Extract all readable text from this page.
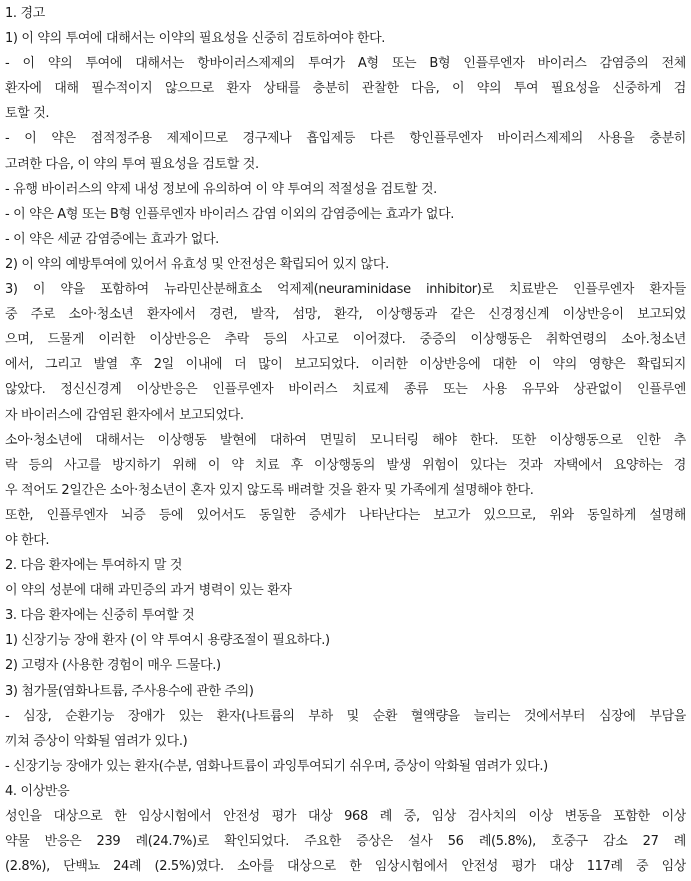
1. 경고
1) 이 약의 투여에 대해서는 이약의 필요성을 신중히 검토하여야 한다.
- 이 약의 투여에 대해서는 항바이러스제제의 투여가 A형 또는 B형 인플루엔자 바이러스 감염증의 전체
환자에 대해 필수적이지 않으므로 환자 상태를 충분히 관찰한 다음, 이 약의 투여 필요성을 신중하게 검
토할 것.
- 이 약은 점적정주용 제제이므로 경구제나 흡입제등 다른 항인플루엔자 바이러스제제의 사용을 충분히
고려한 다음, 이 약의 투여 필요성을 검토할 것.
- 유행 바이러스의 약제 내성 정보에 유의하여 이 약 투여의 적절성을 검토할 것.
- 이 약은 A형 또는 B형 인플루엔자 바이러스 감염 이외의 감염증에는 효과가 없다.
- 이 약은 세균 감염증에는 효과가 없다.
2) 이 약의 예방투여에 있어서 유효성 및 안전성은 확립되어 있지 않다.
3) 이 약을 포함하여 뉴라민산분해효소 억제제(neuraminidase inhibitor)로 치료받은 인플루엔자 환자들
중 주로 소아·청소년 환자에서 경련, 발작, 섬망, 환각, 이상행동과 같은 신경정신계 이상반응이 보고되었
으며, 드물게 이러한 이상반응은 추락 등의 사고로 이어졌다. 중증의 이상행동은 취학연령의 소아.청소년
에서, 그리고 발열 후 2일 이내에 더 많이 보고되었다. 이러한 이상반응에 대한 이 약의 영향은 확립되지
않았다. 정신신경계 이상반응은 인플루엔자 바이러스 치료제 종류 또는 사용 유무와 상관없이 인플루엔
자 바이러스에 감염된 환자에서 보고되었다.
소아·청소년에 대해서는 이상행동 발현에 대하여 면밀히 모니터링 해야 한다. 또한 이상행동으로 인한 추
락 등의 사고를 방지하기 위해 이 약 치료 후 이상행동의 발생 위험이 있다는 것과 자택에서 요양하는 경
우 적어도 2일간은 소아·청소년이 혼자 있지 않도록 배려할 것을 환자 및 가족에게 설명해야 한다.
또한, 인플루엔자 뇌증 등에 있어서도 동일한 증세가 나타난다는 보고가 있으므로, 위와 동일하게 설명해
야 한다.
2. 다음 환자에는 투여하지 말 것
이 약의 성분에 대해 과민증의 과거 병력이 있는 환자
3. 다음 환자에는 신중히 투여할 것
1) 신장기능 장애 환자 (이 약 투여시 용량조절이 필요하다.)
2) 고령자 (사용한 경험이 매우 드물다.)
3) 첨가물(염화나트륨, 주사용수에 관한 주의)
- 심장, 순환기능 장애가 있는 환자(나트륨의 부하 및 순환 혈액량을 늘리는 것에서부터 심장에 부담을
끼쳐 증상이 악화될 염려가 있다.)
- 신장기능 장애가 있는 환자(수분, 염화나트륨이 과잉투여되기 쉬우며, 증상이 악화될 염려가 있다.)
4. 이상반응
성인을 대상으로 한 임상시험에서 안전성 평가 대상 968 례 중, 임상 검사치의 이상 변동을 포함한 이상
약물 반응은 239 례(24.7%)로 확인되었다. 주요한 증상은 설사 56 례(5.8%), 호중구 감소 27 례
(2.8%), 단백뇨 24례 (2.5%)였다. 소아를 대상으로 한 임상시험에서 안전성 평가 대상 117례 중 임상
